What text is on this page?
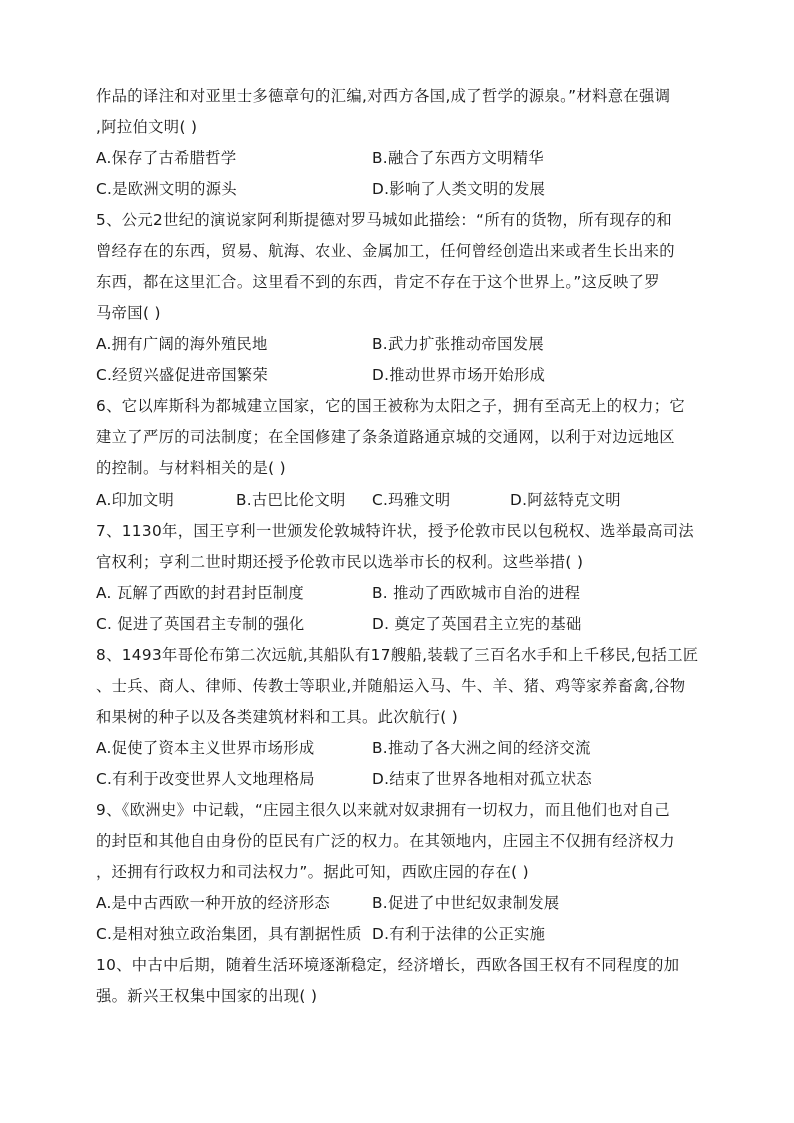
作品的译注和对亚里士多德章句的汇编,对西方各国,成了哲学的源泉。”材料意在强调
,阿拉伯文明( )
A.保存了古希腊哲学	B.融合了东西方文明精华
C.是欧洲文明的源头	D.影响了人类文明的发展
5、公元2世纪的演说家阿利斯提德对罗马城如此描绘：“所有的货物，所有现存的和
曾经存在的东西，贸易、航海、农业、金属加工，任何曾经创造出来或者生长出来的
东西，都在这里汇合。这里看不到的东西，肯定不存在于这个世界上。”这反映了罗
马帝国( )
A.拥有广阔的海外殖民地	B.武力扩张推动帝国发展
C.经贸兴盛促进帝国繁荣	D.推动世界市场开始形成
6、它以库斯科为都城建立国家，它的国王被称为太阳之子，拥有至高无上的权力；它
建立了严厉的司法制度；在全国修建了条条道路通京城的交通网，以利于对边远地区
的控制。与材料相关的是( )
A.印加文明	B.古巴比伦文明 C.玛雅文明	D.阿兹特克文明
7、1130年，国王亨利一世颁发伦敦城特许状，授予伦敦市民以包税权、选举最高司法
官权利；亨利二世时期还授予伦敦市民以选举市长的权利。这些举措( )
A. 瓦解了西欧的封君封臣制度	B. 推动了西欧城市自治的进程
C. 促进了英国君主专制的强化	D. 奠定了英国君主立宪的基础
8、1493年哥伦布第二次远航,其船队有17艘船,装载了三百名水手和上千移民,包括工匠
、士兵、商人、律师、传教士等职业,并随船运入马、牛、羊、猪、鸡等家养畜禽,谷物
和果树的种子以及各类建筑材料和工具。此次航行( )
A.促使了资本主义世界市场形成	B.推动了各大洲之间的经济交流
C.有利于改变世界人文地理格局	D.结束了世界各地相对孤立状态
9、《欧洲史》中记载，“庄园主很久以来就对奴隶拥有一切权力，而且他们也对自己
的封臣和其他自由身份的臣民有广泛的权力。在其领地内，庄园主不仅拥有经济权力
，还拥有行政权力和司法权力”。据此可知，西欧庄园的存在( )
A.是中古西欧一种开放的经济形态	B.促进了中世纪奴隶制发展
C.是相对独立政治集团，具有割据性质 D.有利于法律的公正实施
10、中古中后期，随着生活环境逐渐稳定，经济增长，西欧各国王权有不同程度的加
强。新兴王权集中国家的出现( )
